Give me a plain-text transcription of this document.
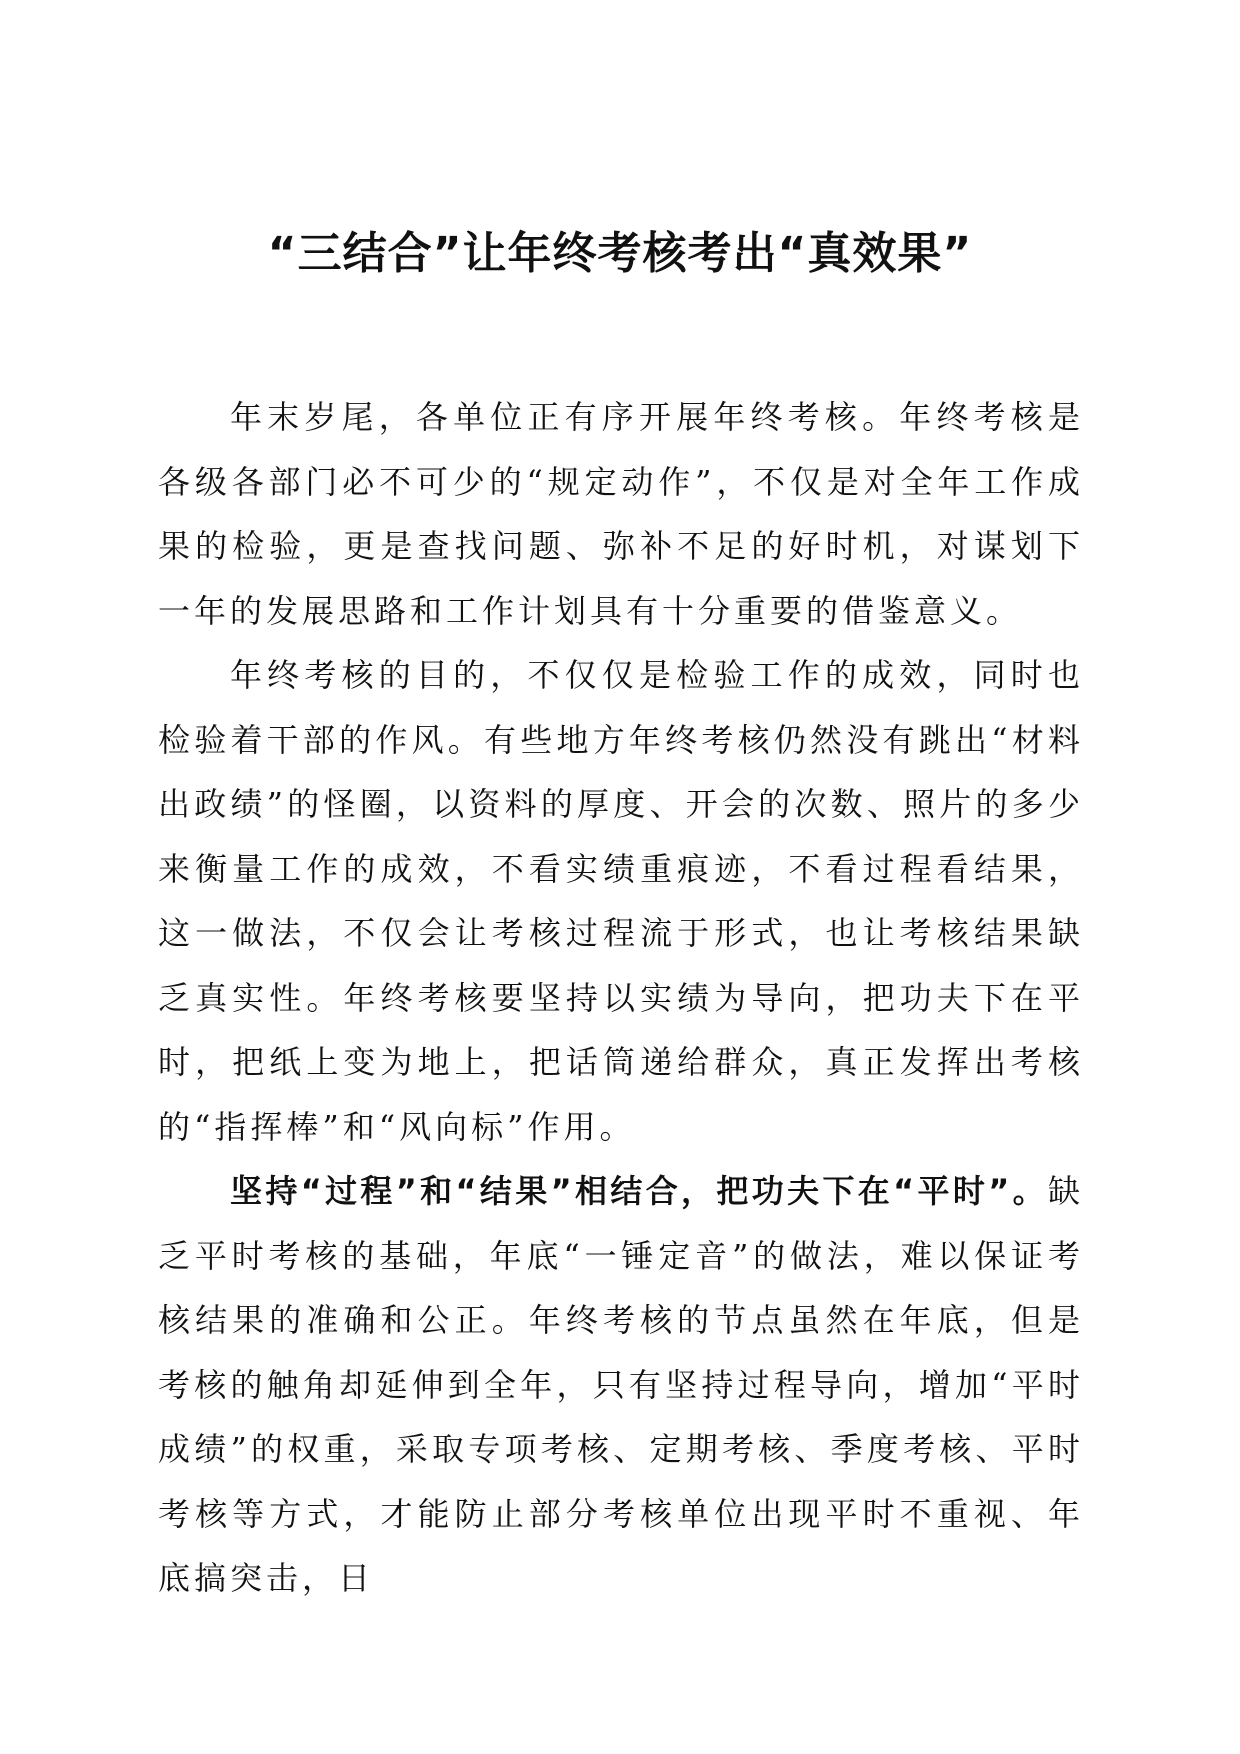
“三结合”让年终考核考出“真效果”

年末岁尾，各单位正有序开展年终考核。年终考核是各级各部门必不可少的“规定动作”，不仅是对全年工作成果的检验，更是查找问题、弥补不足的好时机，对谋划下一年的发展思路和工作计划具有十分重要的借鉴意义。

年终考核的目的，不仅仅是检验工作的成效，同时也检验着干部的作风。有些地方年终考核仍然没有跳出“材料出政绩”的怪圈，以资料的厚度、开会的次数、照片的多少来衡量工作的成效，不看实绩重痕迹，不看过程看结果，这一做法，不仅会让考核过程流于形式，也让考核结果缺乏真实性。年终考核要坚持以实绩为导向，把功夫下在平时，把纸上变为地上，把话筒递给群众，真正发挥出考核的“指挥棒”和“风向标”作用。

坚持“过程”和“结果”相结合，把功夫下在“平时”。缺乏平时考核的基础，年底“一锤定音”的做法，难以保证考核结果的准确和公正。年终考核的节点虽然在年底，但是考核的触角却延伸到全年，只有坚持过程导向，增加“平时成绩”的权重，采取专项考核、定期考核、季度考核、平时考核等方式，才能防止部分考核单位出现平时不重视、年底搞突击，日
